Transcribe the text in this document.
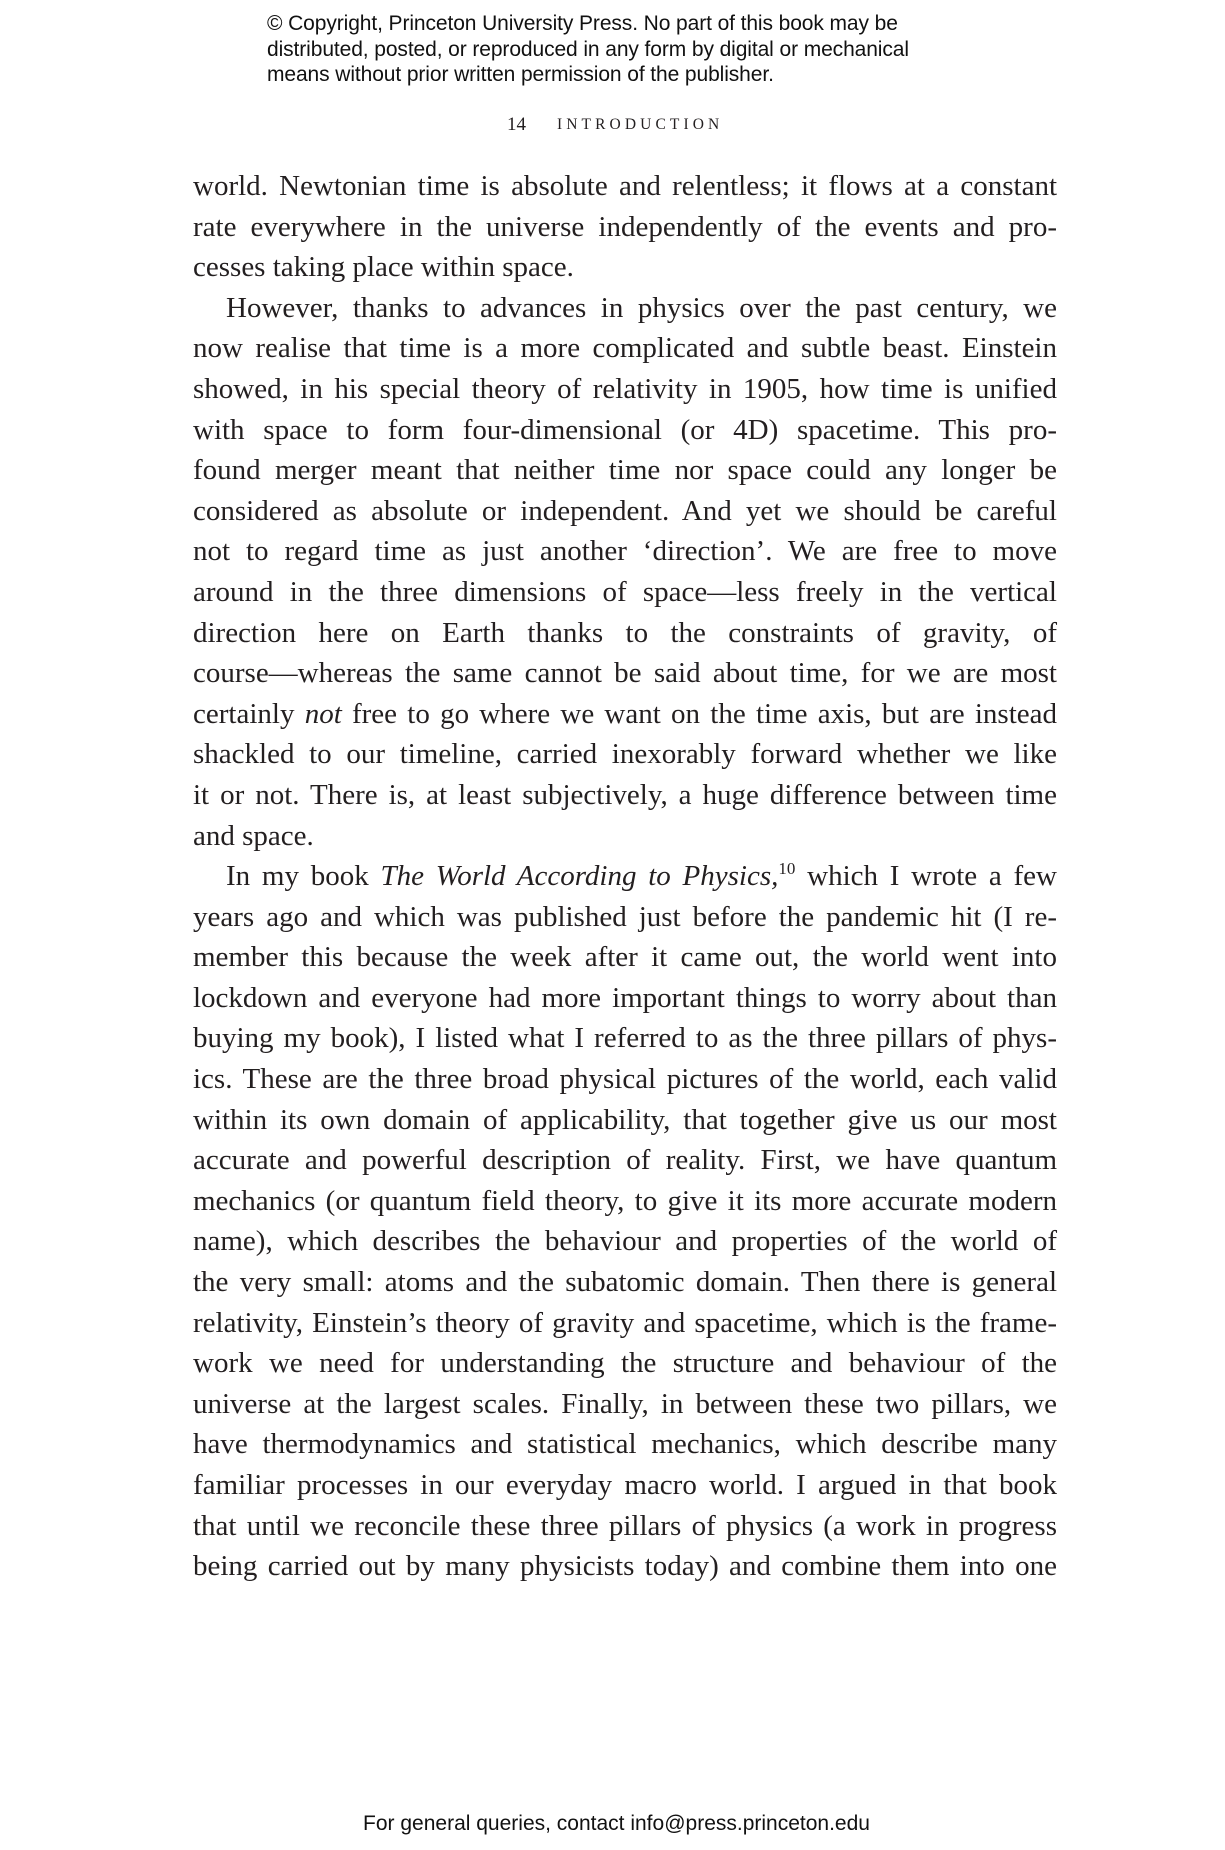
© Copyright, Princeton University Press. No part of this book may be
distributed, posted, or reproduced in any form by digital or mechanical
means without prior written permission of the publisher.
14 INTRODUCTION
world. Newtonian time is absolute and relentless; it flows at a constant
rate everywhere in the universe independently of the events and pro-
cesses taking place within space.
However, thanks to advances in physics over the past century, we
now realise that time is a more complicated and subtle beast. Einstein
showed, in his special theory of relativity in 1905, how time is unified
with space to form four-dimensional (or 4D) spacetime. This pro-
found merger meant that neither time nor space could any longer be
considered as absolute or independent. And yet we should be careful
not to regard time as just another ‘direction’. We are free to move
around in the three dimensions of space—less freely in the vertical
direction here on Earth thanks to the constraints of gravity, of
course—whereas the same cannot be said about time, for we are most
certainly not free to go where we want on the time axis, but are instead
shackled to our timeline, carried inexorably forward whether we like
it or not. There is, at least subjectively, a huge difference between time
and space.
In my book The World According to Physics,$^{10}$ which I wrote a few
years ago and which was published just before the pandemic hit (I re-
member this because the week after it came out, the world went into
lockdown and everyone had more important things to worry about than
buying my book), I listed what I referred to as the three pillars of phys-
ics. These are the three broad physical pictures of the world, each valid
within its own domain of applicability, that together give us our most
accurate and powerful description of reality. First, we have quantum
mechanics (or quantum field theory, to give it its more accurate modern
name), which describes the behaviour and properties of the world of
the very small: atoms and the subatomic domain. Then there is general
relativity, Einstein’s theory of gravity and spacetime, which is the frame-
work we need for understanding the structure and behaviour of the
universe at the largest scales. Finally, in between these two pillars, we
have thermodynamics and statistical mechanics, which describe many
familiar processes in our everyday macro world. I argued in that book
that until we reconcile these three pillars of physics (a work in progress
being carried out by many physicists today) and combine them into one
For general queries, contact info@press.princeton.edu
